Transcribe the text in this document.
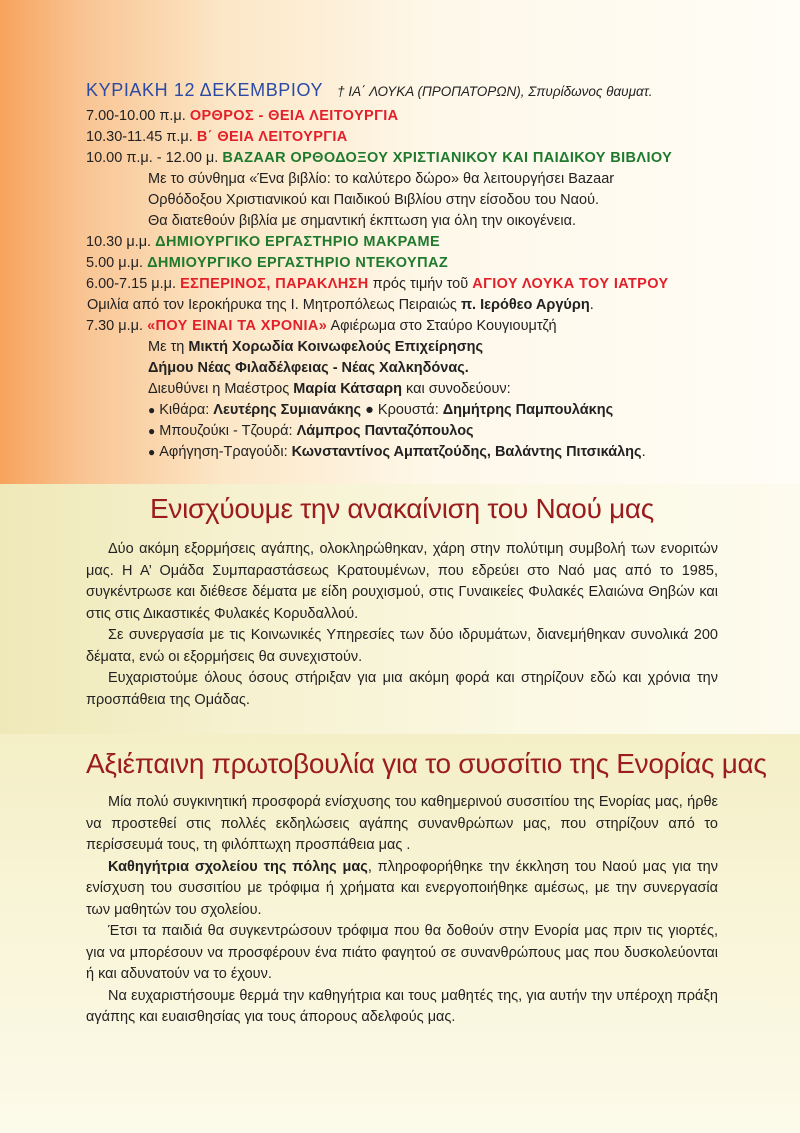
ΚΥΡΙΑΚΗ 12 ΔΕΚΕΜΒΡΙΟΥ † ΙΑ΄ ΛΟΥΚΑ (ΠΡΟΠΑΤΟΡΩΝ), Σπυρίδωνος θαυματ.
7.00-10.00 π.μ. ΟΡΘΡΟΣ - ΘΕΙΑ ΛΕΙΤΟΥΡΓΙΑ
10.30-11.45 π.μ. Β΄ ΘΕΙΑ ΛΕΙΤΟΥΡΓΙΑ
10.00 π.μ. - 12.00 μ. BAZAAR ΟΡΘΟΔΟΞΟΥ ΧΡΙΣΤΙΑΝΙΚΟΥ ΚΑΙ ΠΑΙΔΙΚΟΥ ΒΙΒΛΙΟΥ
Με το σύνθημα «Ένα βιβλίο: το καλύτερο δώρο» θα λειτουργήσει Bazaar
Ορθόδοξου Χριστιανικού και Παιδικού Βιβλίου στην είσοδου του Ναού.
Θα διατεθούν βιβλία με σημαντική έκπτωση για όλη την οικογένεια.
10.30 μ.μ. ΔΗΜΙΟΥΡΓΙΚΟ ΕΡΓΑΣΤΗΡΙΟ ΜΑΚΡΑΜΕ
5.00 μ.μ. ΔΗΜΙΟΥΡΓΙΚΟ ΕΡΓΑΣΤΗΡΙΟ ΝΤΕΚΟΥΠΑΖ
6.00-7.15 μ.μ. ΕΣΠΕΡΙΝΟΣ, ΠΑΡΑΚΛΗΣΗ πρός τιμήν τοῦ ΑΓΙΟΥ ΛΟΥΚΑ ΤΟΥ ΙΑΤΡΟΥ
Ομιλία από τον Ιεροκήρυκα της Ι. Μητροπόλεως Πειραιώς π. Ιερόθεο Αργύρη.
7.30 μ.μ. «ΠΟΥ ΕΙΝΑΙ ΤΑ ΧΡΟΝΙΑ» Αφιέρωμα στο Σταύρο Κουγιουμτζή
Με τη Μικτή Χορωδία Κοινωφελούς Επιχείρησης
Δήμου Νέας Φιλαδέλφειας - Νέας Χαλκηδόνας.
Διευθύνει η Μαέστρος Μαρία Κάτσαρη και συνοδεύουν:
● Κιθάρα: Λευτέρης Συμιανάκης ● Κρουστά: Δημήτρης Παμπουλάκης
● Μπουζούκι - Τζουρά: Λάμπρος Πανταζόπουλος
● Αφήγηση-Τραγούδι: Κωνσταντίνος Αμπατζούδης, Βαλάντης Πιτσικάλης.
Ενισχύουμε την ανακαίνιση του Ναού μας

Δύο ακόμη εξορμήσεις αγάπης, ολοκληρώθηκαν, χάρη στην πολύτιμη συμβολή των ενοριτών μας. Η Α’ Ομάδα Συμπαραστάσεως Κρατουμένων, που εδρεύει στο Ναό μας από το 1985, συγκέντρωσε και διέθεσε δέματα με είδη ρουχισμού, στις Γυναικείες Φυλακές Ελαιώνα Θηβών και στις στις Δικαστικές Φυλακές Κορυδαλλού.

Σε συνεργασία με τις Κοινωνικές Υπηρεσίες των δύο ιδρυμάτων, διανεμήθηκαν συνολικά 200 δέματα, ενώ οι εξορμήσεις θα συνεχιστούν.

Ευχαριστούμε όλους όσους στήριξαν για μια ακόμη φορά και στηρίζουν εδώ και χρόνια την προσπάθεια της Ομάδας.

Αξιέπαινη πρωτοβουλία για το συσσίτιο της Ενορίας μας

Μία πολύ συγκινητική προσφορά ενίσχυσης του καθημερινού συσσιτίου της Ενορίας μας, ήρθε να προστεθεί στις πολλές εκδηλώσεις αγάπης συνανθρώπων μας, που στηρίζουν από το περίσσευμά τους, τη φιλόπτωχη προσπάθεια μας .

Καθηγήτρια σχολείου της πόλης μας, πληροφορήθηκε την έκκληση του Ναού μας για την ενίσχυση του συσσιτίου με τρόφιμα ή χρήματα και ενεργοποιήθηκε αμέσως, με την συνεργασία των μαθητών του σχολείου.

Έτσι τα παιδιά θα συγκεντρώσουν τρόφιμα που θα δοθούν στην Ενορία μας πριν τις γιορτές, για να μπορέσουν να προσφέρουν ένα πιάτο φαγητού σε συνανθρώπους μας που δυσκολεύονται ή και αδυνατούν να το έχουν.

Να ευχαριστήσουμε θερμά την καθηγήτρια και τους μαθητές της, για αυτήν την υπέροχη πράξη αγάπης και ευαισθησίας για τους άπορους αδελφούς μας.
